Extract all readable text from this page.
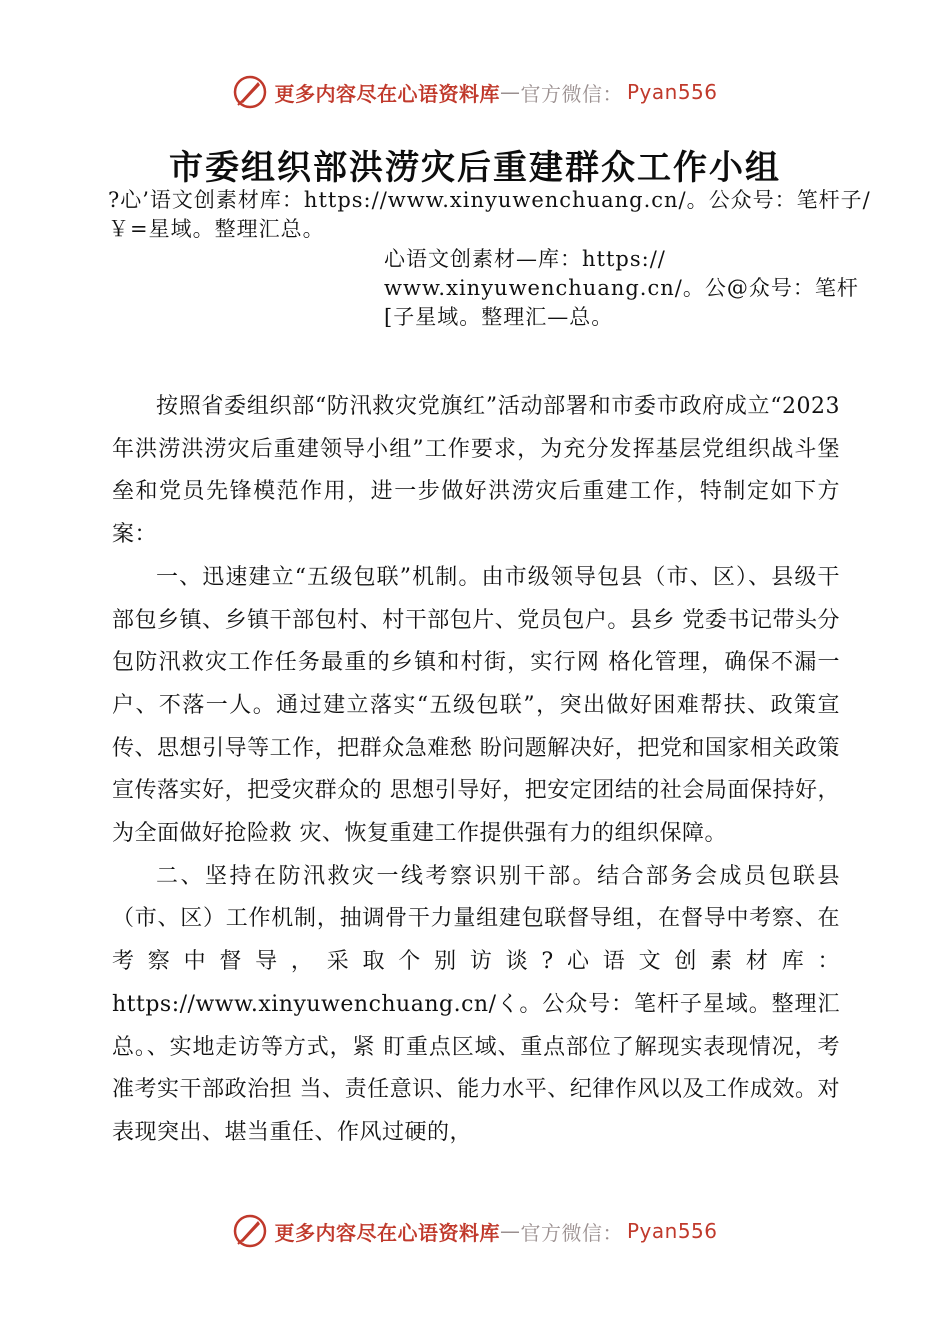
更多内容尽在心语资料库 — 官方微信： Pyan556
市委组织部洪涝灾后重建群众工作小组
?心’语文创素材库：https://www.xinyuwenchuang.cn/。公众号：笔杆子/￥=星域。整理汇总。
心语文创素材—库：https:// www.xinyuwenchuang.cn/。公@众号：笔杆[子星域。整理汇—总。

按照省委组织部“防汛救灾党旗红”活动部署和市委市政府成立“2023 年洪涝洪涝灾后重建领导小组”工作要求，为充分发挥基层党组织战斗堡垒和党员先锋模范作用，进一步做好洪涝灾后重建工作，特制定如下方案：

一、迅速建立“五级包联”机制。由市级领导包县（市、区）、县级干部包乡镇、乡镇干部包村、村干部包片、党员包户。县乡 党委书记带头分包防汛救灾工作任务最重的乡镇和村街，实行网 格化管理，确保不漏一户、不落一人。通过建立落实“五级包联”，突出做好困难帮扶、政策宣传、思想引导等工作，把群众急难愁 盼问题解决好，把党和国家相关政策宣传落实好，把受灾群众的 思想引导好，把安定团结的社会局面保持好，为全面做好抢险救 灾、恢复重建工作提供强有力的组织保障。

二、坚持在防汛救灾一线考察识别干部。结合部务会成员包联县（市、区）工作机制，抽调骨干力量组建包联督导组，在督导中考察、在考察中督导，采取个别访谈?心语文创素材库：https://www.xinyuwenchuang.cn/く。公众号：笔杆子星域。整理汇总。、实地走访等方式，紧 盯重点区域、重点部位了解现实表现情况，考准考实干部政治担 当、责任意识、能力水平、纪律作风以及工作成效。对表现突出、堪当重任、作风过硬的，

更多内容尽在心语资料库 — 官方微信： Pyan556
